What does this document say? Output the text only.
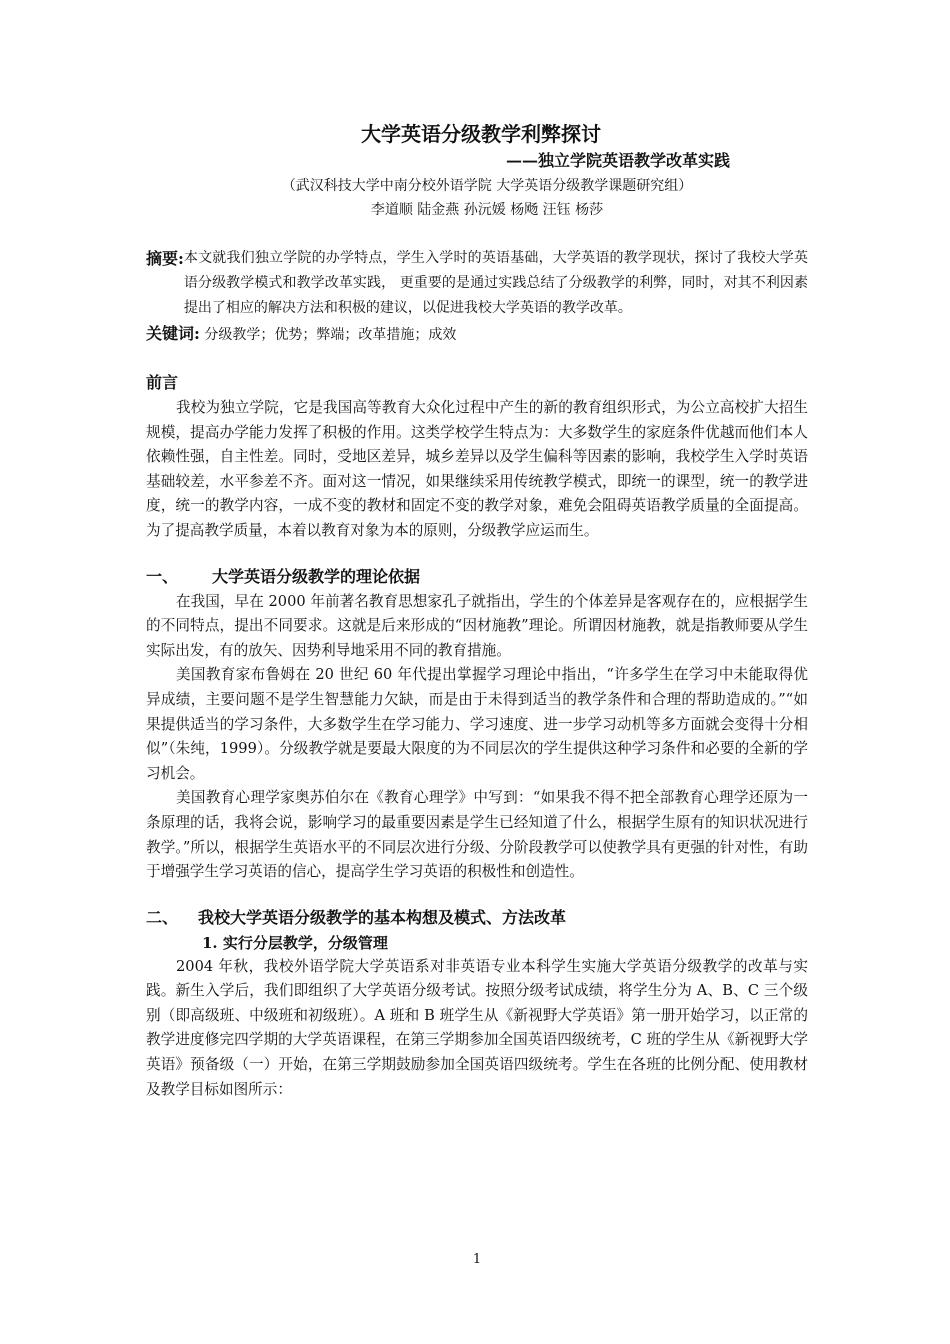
大学英语分级教学利弊探讨

——独立学院英语教学改革实践

（武汉科技大学中南分校外语学院 大学英语分级教学课题研究组）

李道顺 陆金燕 孙沅媛 杨飏 汪钰 杨莎

摘要: 本文就我们独立学院的办学特点，学生入学时的英语基础，大学英语的教学现状，探讨了我校大学英语分级教学模式和教学改革实践， 更重要的是通过实践总结了分级教学的利弊，同时，对其不利因素提出了相应的解决方法和积极的建议，以促进我校大学英语的教学改革。
关键词: 分级教学；优势；弊端；改革措施；成效

前言

我校为独立学院，它是我国高等教育大众化过程中产生的新的教育组织形式，为公立高校扩大招生规模，提高办学能力发挥了积极的作用。这类学校学生特点为：大多数学生的家庭条件优越而他们本人依赖性强，自主性差。同时，受地区差异，城乡差异以及学生偏科等因素的影响，我校学生入学时英语基础较差，水平参差不齐。面对这一情况，如果继续采用传统教学模式，即统一的课型，统一的教学进度，统一的教学内容，一成不变的教材和固定不变的教学对象，难免会阻碍英语教学质量的全面提高。为了提高教学质量，本着以教育对象为本的原则，分级教学应运而生。

一、 大学英语分级教学的理论依据

在我国，早在 2000 年前著名教育思想家孔子就指出，学生的个体差异是客观存在的，应根据学生的不同特点，提出不同要求。这就是后来形成的“因材施教”理论。所谓因材施教，就是指教师要从学生实际出发，有的放矢、因势利导地采用不同的教育措施。

美国教育家布鲁姆在 20 世纪 60 年代提出掌握学习理论中指出，“许多学生在学习中未能取得优异成绩，主要问题不是学生智慧能力欠缺，而是由于未得到适当的教学条件和合理的帮助造成的。”“如果提供适当的学习条件，大多数学生在学习能力、学习速度、进一步学习动机等多方面就会变得十分相似”（朱纯，1999）。分级教学就是要最大限度的为不同层次的学生提供这种学习条件和必要的全新的学习机会。

美国教育心理学家奥苏伯尔在《教育心理学》中写到：“如果我不得不把全部教育心理学还原为一条原理的话，我将会说，影响学习的最重要因素是学生已经知道了什么，根据学生原有的知识状况进行教学。”所以，根据学生英语水平的不同层次进行分级、分阶段教学可以使教学具有更强的针对性，有助于增强学生学习英语的信心，提高学生学习英语的积极性和创造性。

二、 我校大学英语分级教学的基本构想及模式、方法改革

1. 实行分层教学，分级管理

2004 年秋，我校外语学院大学英语系对非英语专业本科学生实施大学英语分级教学的改革与实践。新生入学后，我们即组织了大学英语分级考试。按照分级考试成绩，将学生分为 A、B、C 三个级别（即高级班、中级班和初级班）。A 班和 B 班学生从《新视野大学英语》第一册开始学习，以正常的教学进度修完四学期的大学英语课程，在第三学期参加全国英语四级统考，C 班的学生从《新视野大学英语》预备级（一）开始，在第三学期鼓励参加全国英语四级统考。学生在各班的比例分配、使用教材及教学目标如图所示：

1
